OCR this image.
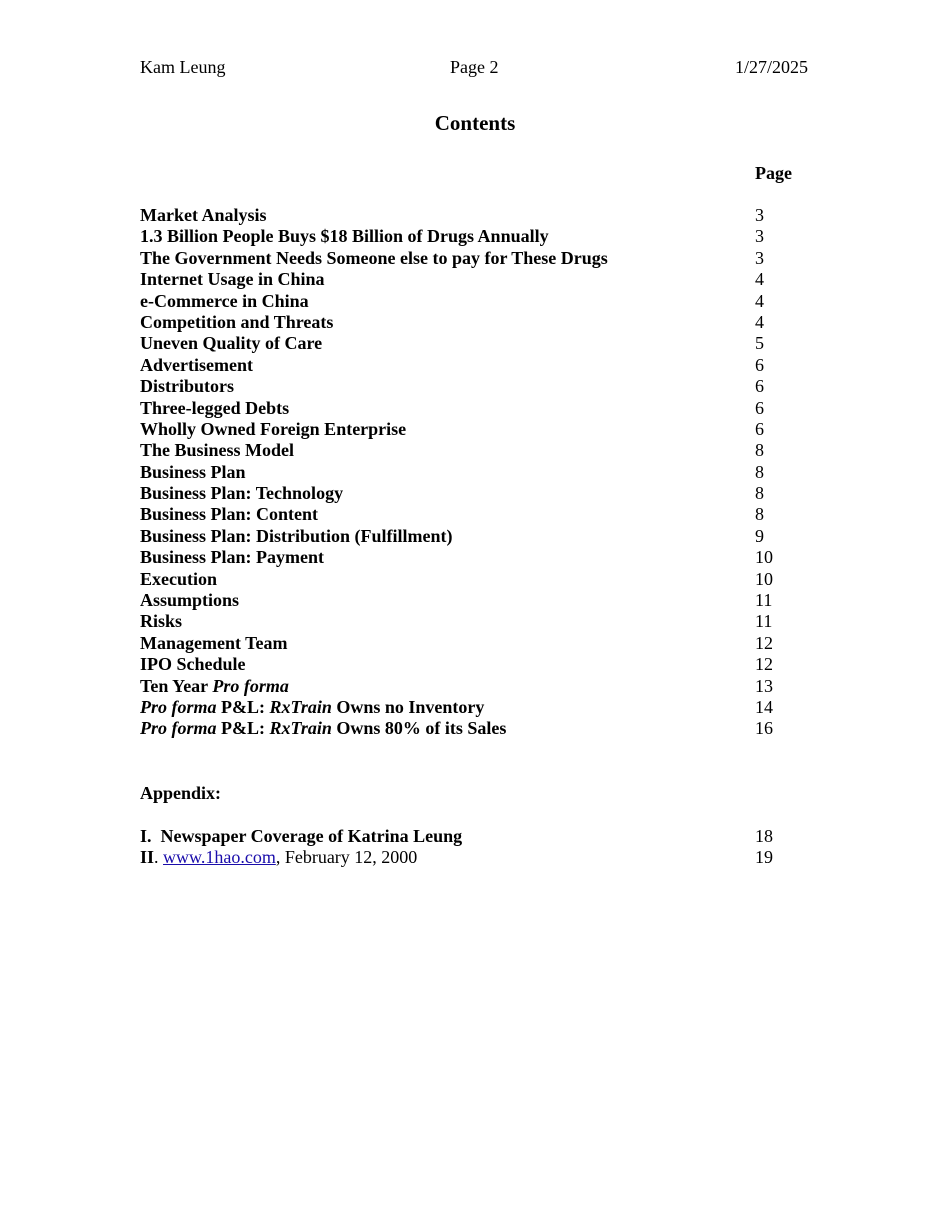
Kam Leung	Page 2	1/27/2025
Contents
Page
Market Analysis	3
1.3 Billion People Buys $18 Billion of Drugs Annually	3
The Government Needs Someone else to pay for These Drugs	3
Internet Usage in China	4
e-Commerce in China	4
Competition and Threats	4
Uneven Quality of Care	5
Advertisement	6
Distributors	6
Three-legged Debts	6
Wholly Owned Foreign Enterprise	6
The Business Model	8
Business Plan	8
Business Plan: Technology	8
Business Plan: Content	8
Business Plan: Distribution (Fulfillment)	9
Business Plan: Payment	10
Execution	10
Assumptions	11
Risks	11
Management Team	12
IPO Schedule	12
Ten Year Pro forma	13
Pro forma P&L: RxTrain Owns no Inventory	14
Pro forma P&L: RxTrain Owns 80% of its Sales	16
Appendix:
I. Newspaper Coverage of Katrina Leung	18
II. www.1hao.com, February 12, 2000	19
